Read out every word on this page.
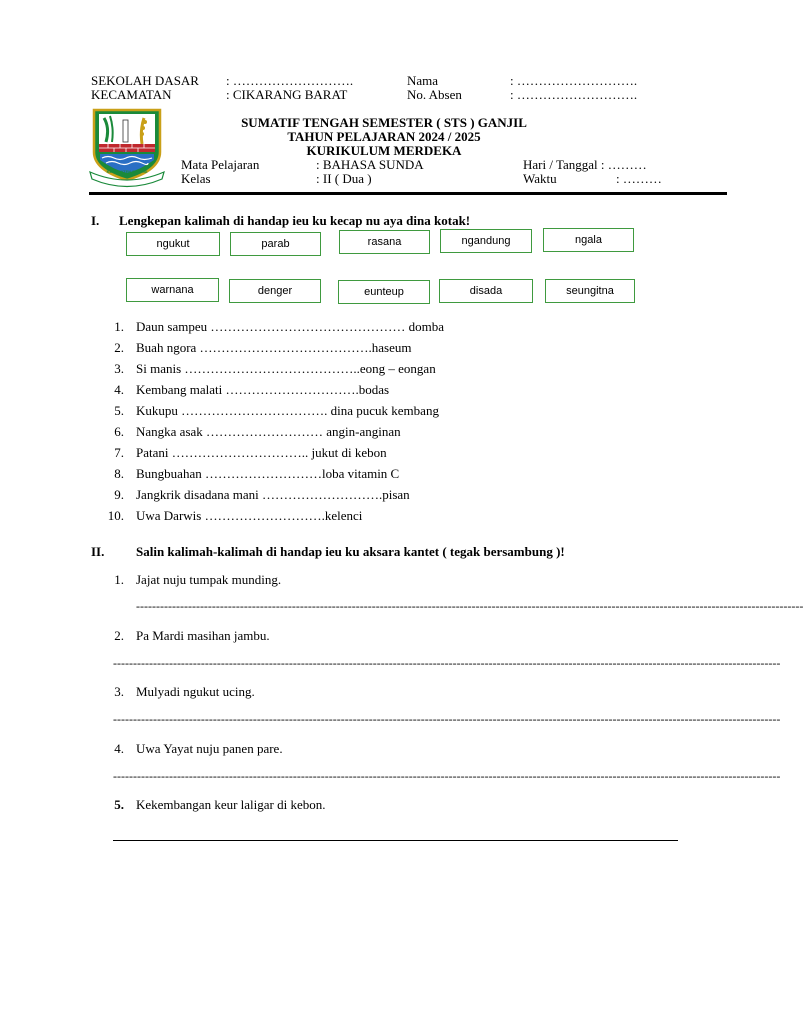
SEKOLAH DASAR : ……………………….
KECAMATAN	: CIKARANG BARAT
Nama	: ……………………….
No. Absen	: ……………………….
KABUPATEN BEKASI
SUMATIF TENGAH SEMESTER ( STS ) GANJIL
TAHUN PELAJARAN 2024 / 2025
KURIKULUM MERDEKA
Mata Pelajaran	: BAHASA SUNDA
Kelas	: II ( Dua )
Hari / Tanggal : ………
Waktu	: ………
I. Lengkepan kalimah di handap ieu ku kecap nu aya dina kotak!
ngukut	parab	rasana	ngandung	ngala
warnana	denger	eunteup	disada	seungitna
1. Daun sampeu ……………………………………… domba
2. Buah ngora ………………………………….haseum
3. Si manis …………………………………..eong – eongan
4. Kembang malati ………………………….bodas
5. Kukupu ……………………………. dina pucuk kembang
6. Nangka asak ……………………… angin-anginan
7. Patani ………………………….. jukut di kebon
8. Bungbuahan ………………………loba vitamin C
9. Jangkrik disadana mani ……………………….pisan
10. Uwa Darwis ……………………….kelenci
II. Salin kalimah-kalimah di handap ieu ku aksara kantet ( tegak bersambung )!
1. Jajat nuju tumpak munding.
-----------------------------------------------------------------------------------------------------------------------------------------------------------------------
2. Pa Mardi masihan jambu.
-----------------------------------------------------------------------------------------------------------------------------------------------------------------------
3. Mulyadi ngukut ucing.
-----------------------------------------------------------------------------------------------------------------------------------------------------------------------
4. Uwa Yayat nuju panen pare.
-----------------------------------------------------------------------------------------------------------------------------------------------------------------------
5. Kekembangan keur laligar di kebon.
